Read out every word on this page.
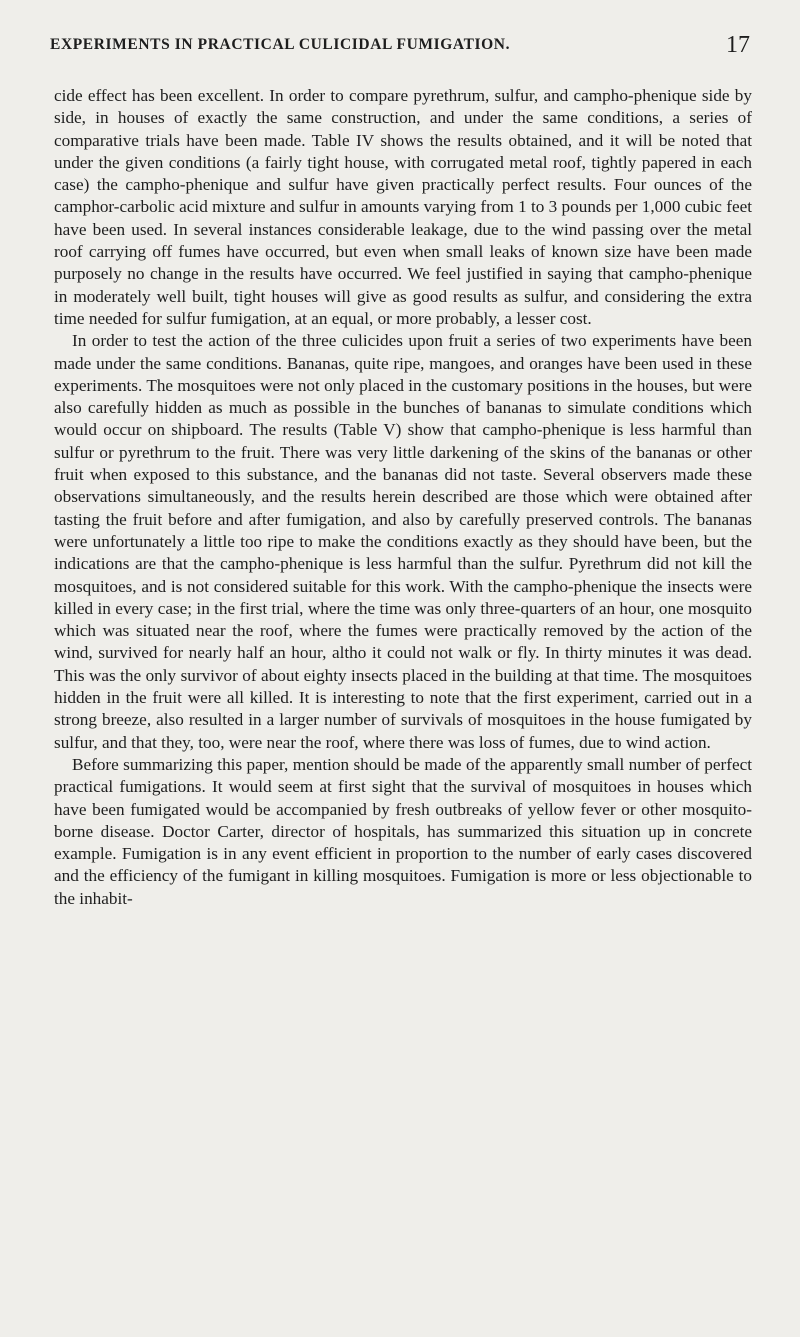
EXPERIMENTS IN PRACTICAL CULICIDAL FUMIGATION.	17

cide effect has been excellent. In order to compare pyrethrum, sulfur, and campho-phenique side by side, in houses of exactly the same construction, and under the same conditions, a series of comparative trials have been made. Table IV shows the results obtained, and it will be noted that under the given conditions (a fairly tight house, with corrugated metal roof, tightly papered in each case) the campho-phenique and sulfur have given practically perfect results. Four ounces of the camphor-carbolic acid mixture and sulfur in amounts varying from 1 to 3 pounds per 1,000 cubic feet have been used. In several instances considerable leakage, due to the wind passing over the metal roof carrying off fumes have occurred, but even when small leaks of known size have been made purposely no change in the results have occurred. We feel justified in saying that campho-phenique in moderately well built, tight houses will give as good results as sulfur, and considering the extra time needed for sulfur fumigation, at an equal, or more probably, a lesser cost.

In order to test the action of the three culicides upon fruit a series of two experiments have been made under the same conditions. Bananas, quite ripe, mangoes, and oranges have been used in these experiments. The mosquitoes were not only placed in the customary positions in the houses, but were also carefully hidden as much as possible in the bunches of bananas to simulate conditions which would occur on shipboard. The results (Table V) show that campho-phenique is less harmful than sulfur or pyrethrum to the fruit. There was very little darkening of the skins of the bananas or other fruit when exposed to this substance, and the bananas did not taste. Several observers made these observations simultaneously, and the results herein described are those which were obtained after tasting the fruit before and after fumigation, and also by carefully preserved controls. The bananas were unfortunately a little too ripe to make the conditions exactly as they should have been, but the indications are that the campho-phenique is less harmful than the sulfur. Pyrethrum did not kill the mosquitoes, and is not considered suitable for this work. With the campho-phenique the insects were killed in every case; in the first trial, where the time was only three-quarters of an hour, one mosquito which was situated near the roof, where the fumes were practically removed by the action of the wind, survived for nearly half an hour, altho it could not walk or fly. In thirty minutes it was dead. This was the only survivor of about eighty insects placed in the building at that time. The mosquitoes hidden in the fruit were all killed. It is interesting to note that the first experiment, carried out in a strong breeze, also resulted in a larger number of survivals of mosquitoes in the house fumigated by sulfur, and that they, too, were near the roof, where there was loss of fumes, due to wind action.

Before summarizing this paper, mention should be made of the apparently small number of perfect practical fumigations. It would seem at first sight that the survival of mosquitoes in houses which have been fumigated would be accompanied by fresh outbreaks of yellow fever or other mosquito-borne disease. Doctor Carter, director of hospitals, has summarized this situation up in concrete example. Fumigation is in any event efficient in proportion to the number of early cases discovered and the efficiency of the fumigant in killing mosquitoes. Fumigation is more or less objectionable to the inhabit-
